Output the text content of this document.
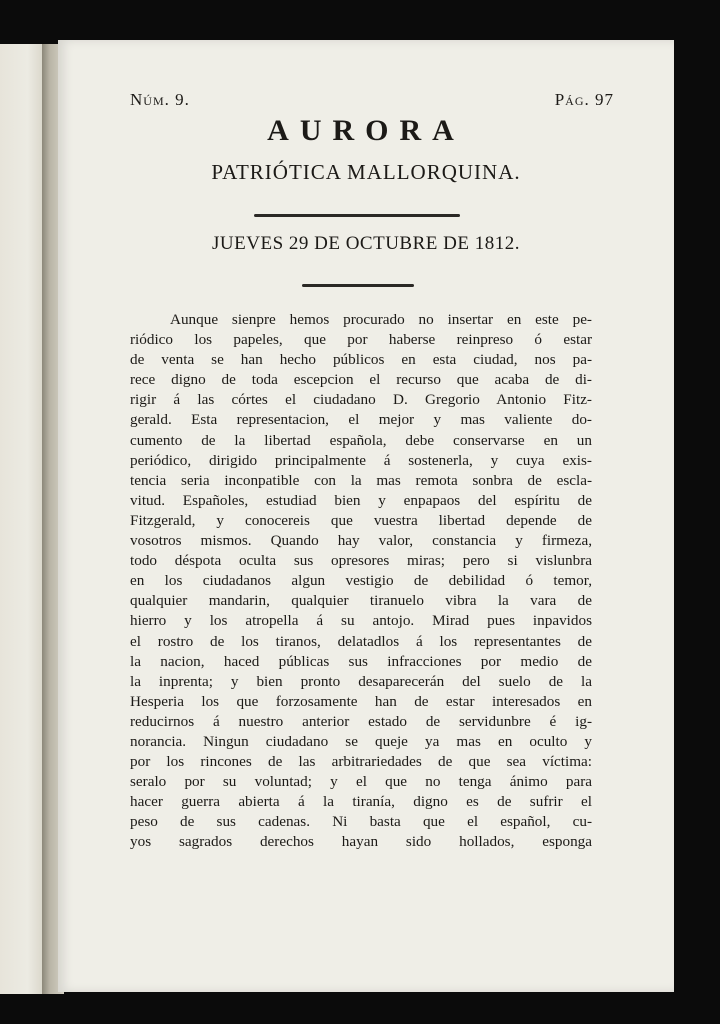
Núm. 9.	Pág. 97
AURORA
PATRIÓTICA MALLORQUINA.
JUEVES 29 DE OCTUBRE DE 1812.
Aunque sienpre hemos procurado no insertar en este pe-
riódico los papeles, que por haberse reinpreso ó estar
de venta se han hecho públicos en esta ciudad, nos pa-
rece digno de toda escepcion el recurso que acaba de di-
rigir á las córtes el ciudadano D. Gregorio Antonio Fitz-
gerald. Esta representacion, el mejor y mas valiente do-
cumento de la libertad española, debe conservarse en un
periódico, dirigido principalmente á sostenerla, y cuya exis-
tencia seria inconpatible con la mas remota sonbra de escla-
vitud. Españoles, estudiad bien y enpapaos del espíritu de
Fitzgerald, y conocereis que vuestra libertad depende de
vosotros mismos. Quando hay valor, constancia y firmeza,
todo déspota oculta sus opresores miras; pero si vislunbra
en los ciudadanos algun vestigio de debilidad ó temor,
qualquier mandarin, qualquier tiranuelo vibra la vara de
hierro y los atropella á su antojo. Mirad pues inpavidos
el rostro de los tiranos, delatadlos á los representantes de
la nacion, haced públicas sus infracciones por medio de
la inprenta; y bien pronto desaparecerán del suelo de la
Hesperia los que forzosamente han de estar interesados en
reducirnos á nuestro anterior estado de servidunbre é ig-
norancia. Ningun ciudadano se queje ya mas en oculto y
por los rincones de las arbitrariedades de que sea víctima:
seralo por su voluntad; y el que no tenga ánimo para
hacer guerra abierta á la tiranía, digno es de sufrir el
peso de sus cadenas. Ni basta que el español, cu-
yos sagrados derechos hayan sido hollados, esponga
